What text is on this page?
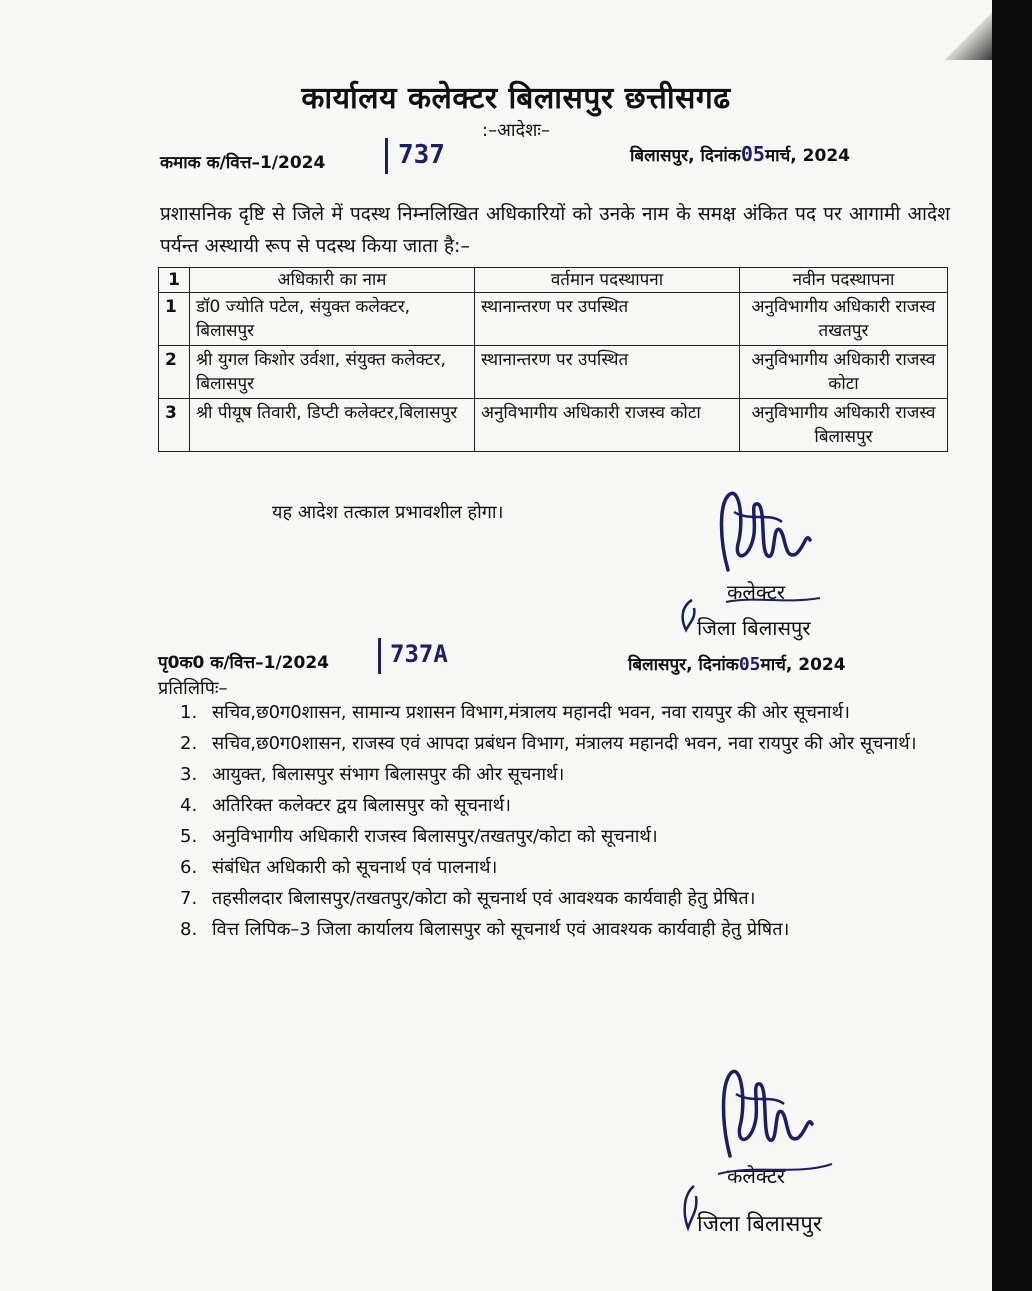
कार्यालय कलेक्टर बिलासपुर छत्तीसगढ
:–आदेशः–
कमाक क/वित्त–1/2024	737	बिलासपुर, दिनांक05मार्च, 2024
प्रशासनिक दृष्टि से जिले में पदस्थ निम्नलिखित अधिकारियों को उनके नाम के समक्ष अंकित पद पर आगामी आदेश पर्यन्त अस्थायी रूप से पदस्थ किया जाता है:–
1	अधिकारी का नाम	वर्तमान पदस्थापना	नवीन पदस्थापना
1	डॉ0 ज्योति पटेल, संयुक्त कलेक्टर, बिलासपुर	स्थानान्तरण पर उपस्थित	अनुविभागीय अधिकारी राजस्व तखतपुर
2	श्री युगल किशोर उर्वशा, संयुक्त कलेक्टर, बिलासपुर	स्थानान्तरण पर उपस्थित	अनुविभागीय अधिकारी राजस्व कोटा
3	श्री पीयूष तिवारी, डिप्टी कलेक्टर,बिलासपुर	अनुविभागीय अधिकारी राजस्व कोटा	अनुविभागीय अधिकारी राजस्व बिलासपुर
यह आदेश तत्काल प्रभावशील होगा।
कलेक्टर
जिला बिलासपुर
पृ0क0 क/वित्त–1/2024	737A	बिलासपुर, दिनांक05मार्च, 2024
प्रतिलिपिः–
1. सचिव,छ0ग0शासन, सामान्य प्रशासन विभाग,मंत्रालय महानदी भवन, नवा रायपुर की ओर सूचनार्थ।
2. सचिव,छ0ग0शासन, राजस्व एवं आपदा प्रबंधन विभाग, मंत्रालय महानदी भवन, नवा रायपुर की ओर सूचनार्थ।
3. आयुक्त, बिलासपुर संभाग बिलासपुर की ओर सूचनार्थ।
4. अतिरिक्त कलेक्टर द्वय बिलासपुर को सूचनार्थ।
5. अनुविभागीय अधिकारी राजस्व बिलासपुर/तखतपुर/कोटा को सूचनार्थ।
6. संबंधित अधिकारी को सूचनार्थ एवं पालनार्थ।
7. तहसीलदार बिलासपुर/तखतपुर/कोटा को सूचनार्थ एवं आवश्यक कार्यवाही हेतु प्रेषित।
8. वित्त लिपिक–3 जिला कार्यालय बिलासपुर को सूचनार्थ एवं आवश्यक कार्यवाही हेतु प्रेषित।
कलेक्टर
जिला बिलासपुर
